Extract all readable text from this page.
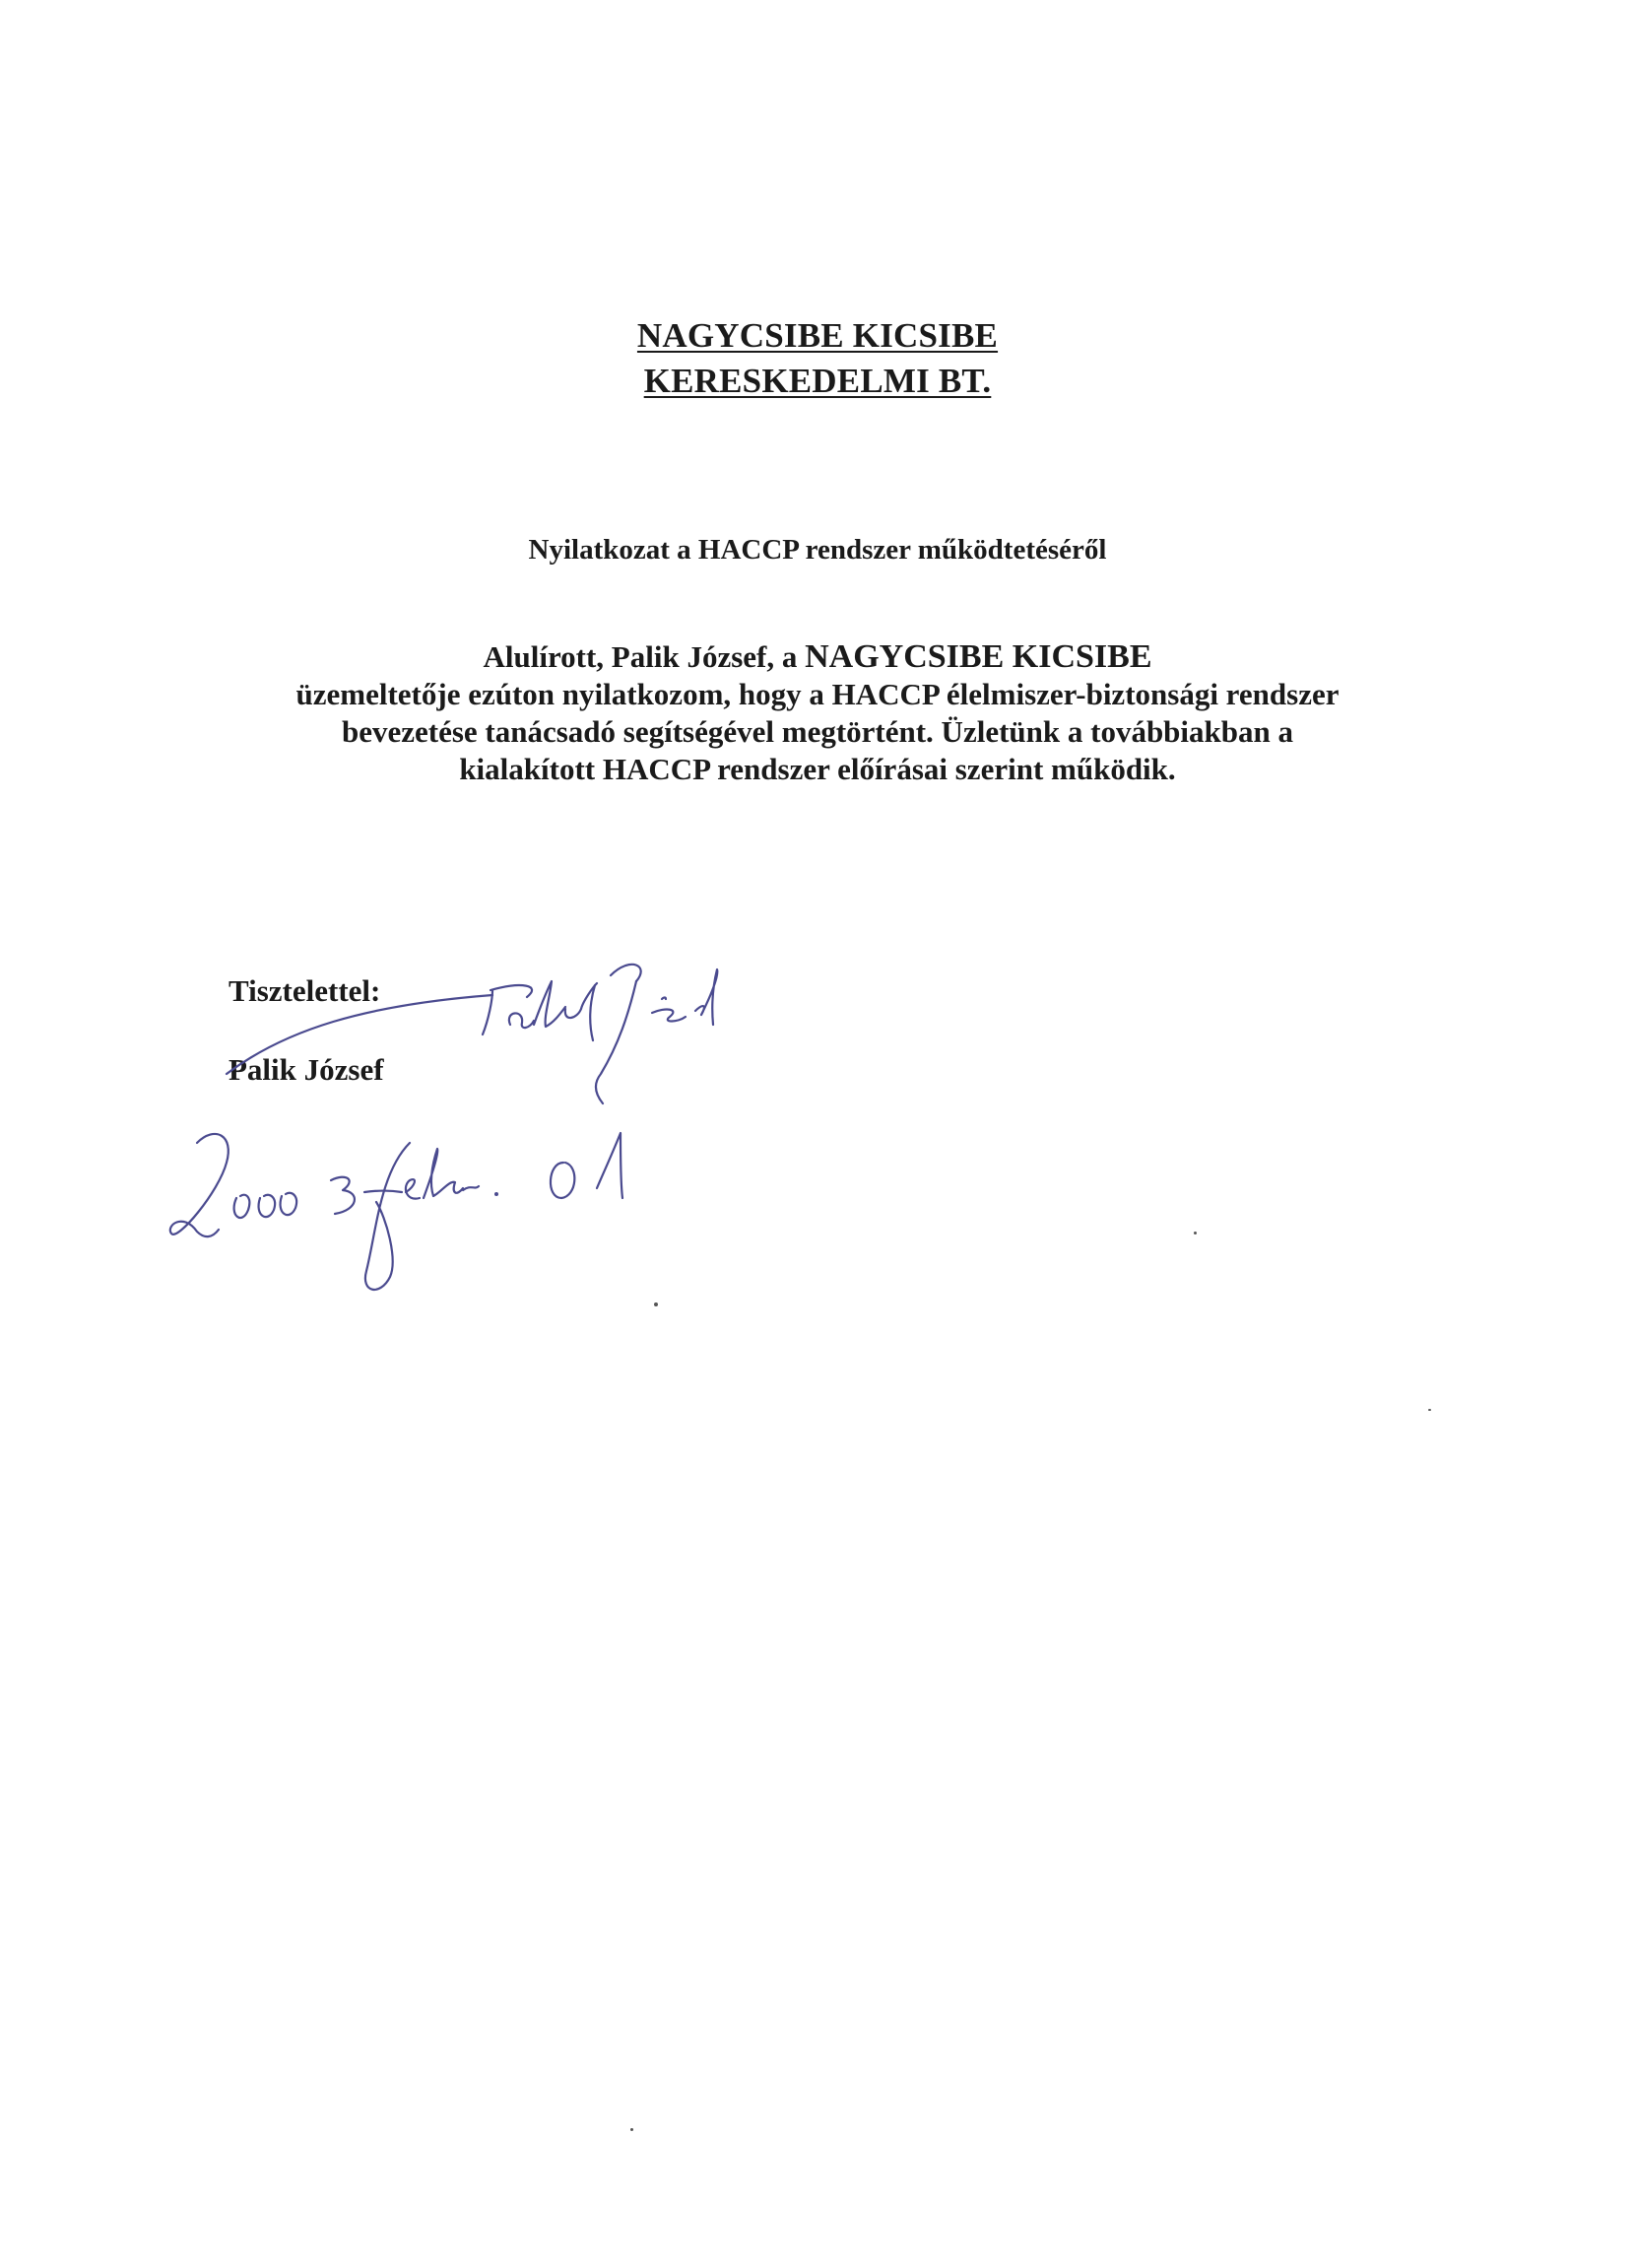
NAGYCSIBE KICSIBE
KERESKEDELMI BT.
Nyilatkozat a HACCP rendszer működtetéséről

Alulírott, Palik József, a NAGYCSIBE KICSIBE
üzemeltetője ezúton nyilatkozom, hogy a HACCP élelmiszer-biztonsági rendszer
bevezetése tanácsadó segítségével megtörtént. Üzletünk a továbbiakban a
kialakított HACCP rendszer előírásai szerint működik.

Tisztelettel:
Palik József
